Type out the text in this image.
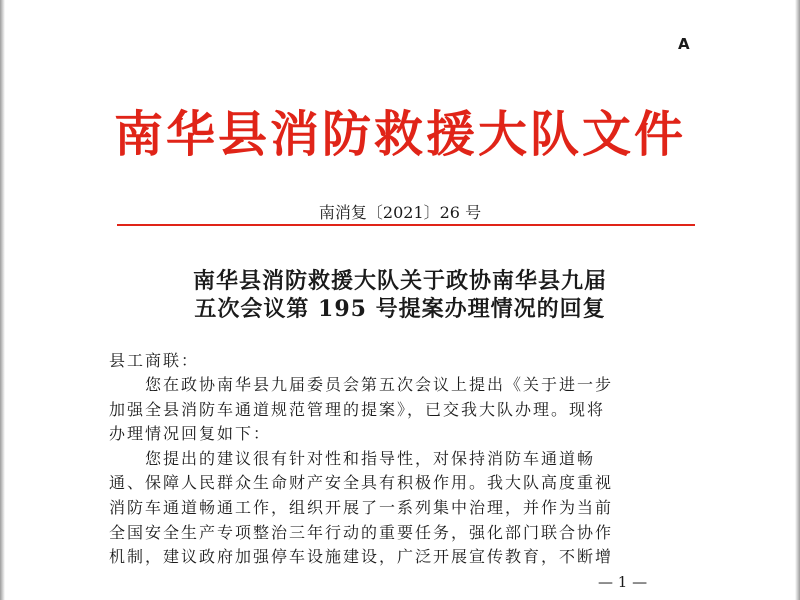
A
南华县消防救援大队文件
南消复〔2021〕26 号
南华县消防救援大队关于政协南华县九届
五次会议第 195 号提案办理情况的回复
县工商联：
您在政协南华县九届委员会第五次会议上提出《关于进一步
加强全县消防车通道规范管理的提案》，已交我大队办理。现将
办理情况回复如下：
您提出的建议很有针对性和指导性，对保持消防车通道畅
通、保障人民群众生命财产安全具有积极作用。我大队高度重视
消防车通道畅通工作，组织开展了一系列集中治理，并作为当前
全国安全生产专项整治三年行动的重要任务，强化部门联合协作
机制，建议政府加强停车设施建设，广泛开展宣传教育，不断增
— 1 —
